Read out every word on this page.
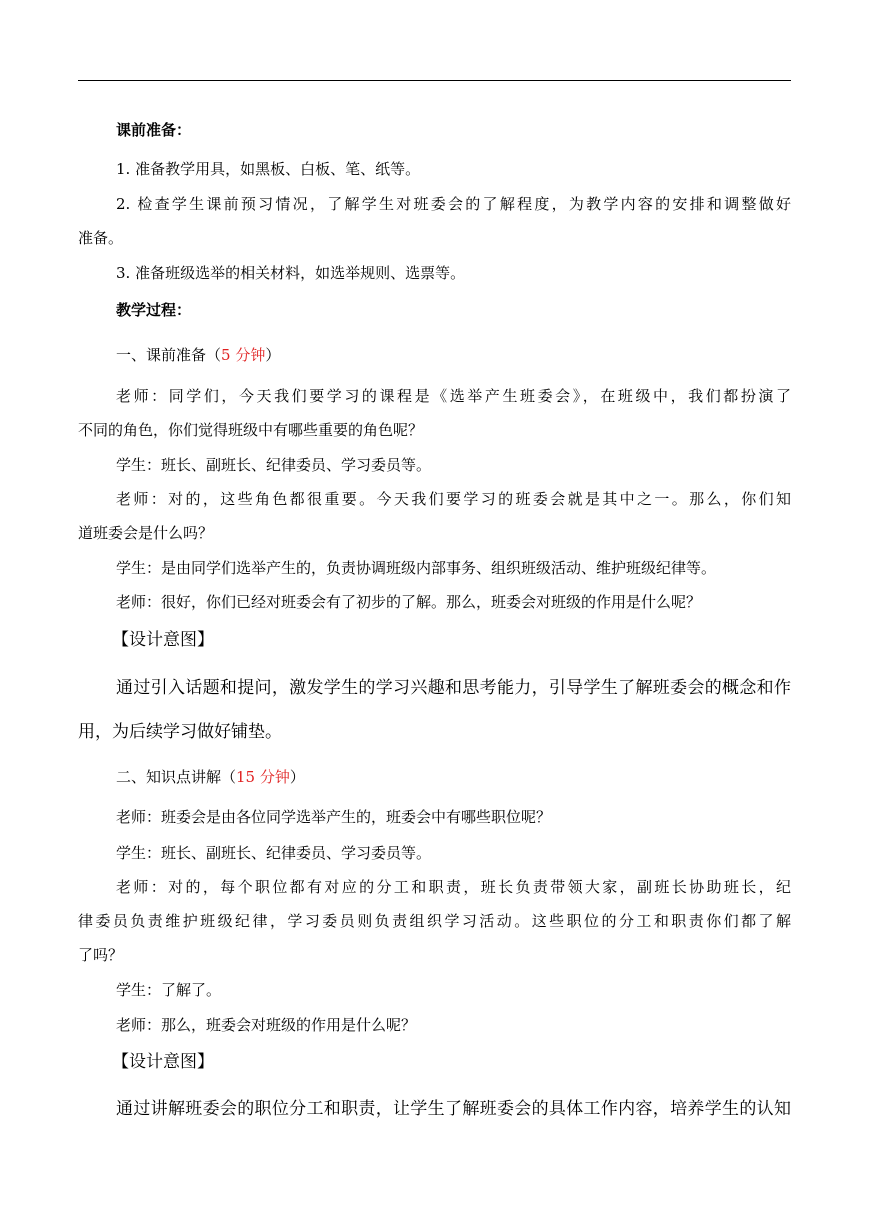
课前准备：
1. 准备教学用具，如黑板、白板、笔、纸等。
2. 检查学生课前预习情况，了解学生对班委会的了解程度，为教学内容的安排和调整做好
准备。
3. 准备班级选举的相关材料，如选举规则、选票等。
教学过程：
一、课前准备（5 分钟）
老师：同学们，今天我们要学习的课程是《选举产生班委会》，在班级中，我们都扮演了
不同的角色，你们觉得班级中有哪些重要的角色呢？
学生：班长、副班长、纪律委员、学习委员等。
老师：对的，这些角色都很重要。今天我们要学习的班委会就是其中之一。那么，你们知
道班委会是什么吗？
学生：是由同学们选举产生的，负责协调班级内部事务、组织班级活动、维护班级纪律等。
老师：很好，你们已经对班委会有了初步的了解。那么，班委会对班级的作用是什么呢？
【设计意图】
通过引入话题和提问，激发学生的学习兴趣和思考能力，引导学生了解班委会的概念和作
用，为后续学习做好铺垫。
二、知识点讲解（15 分钟）
老师：班委会是由各位同学选举产生的，班委会中有哪些职位呢？
学生：班长、副班长、纪律委员、学习委员等。
老师：对的，每个职位都有对应的分工和职责，班长负责带领大家，副班长协助班长，纪
律委员负责维护班级纪律，学习委员则负责组织学习活动。这些职位的分工和职责你们都了解
了吗？
学生：了解了。
老师：那么，班委会对班级的作用是什么呢？
【设计意图】
通过讲解班委会的职位分工和职责，让学生了解班委会的具体工作内容，培养学生的认知
